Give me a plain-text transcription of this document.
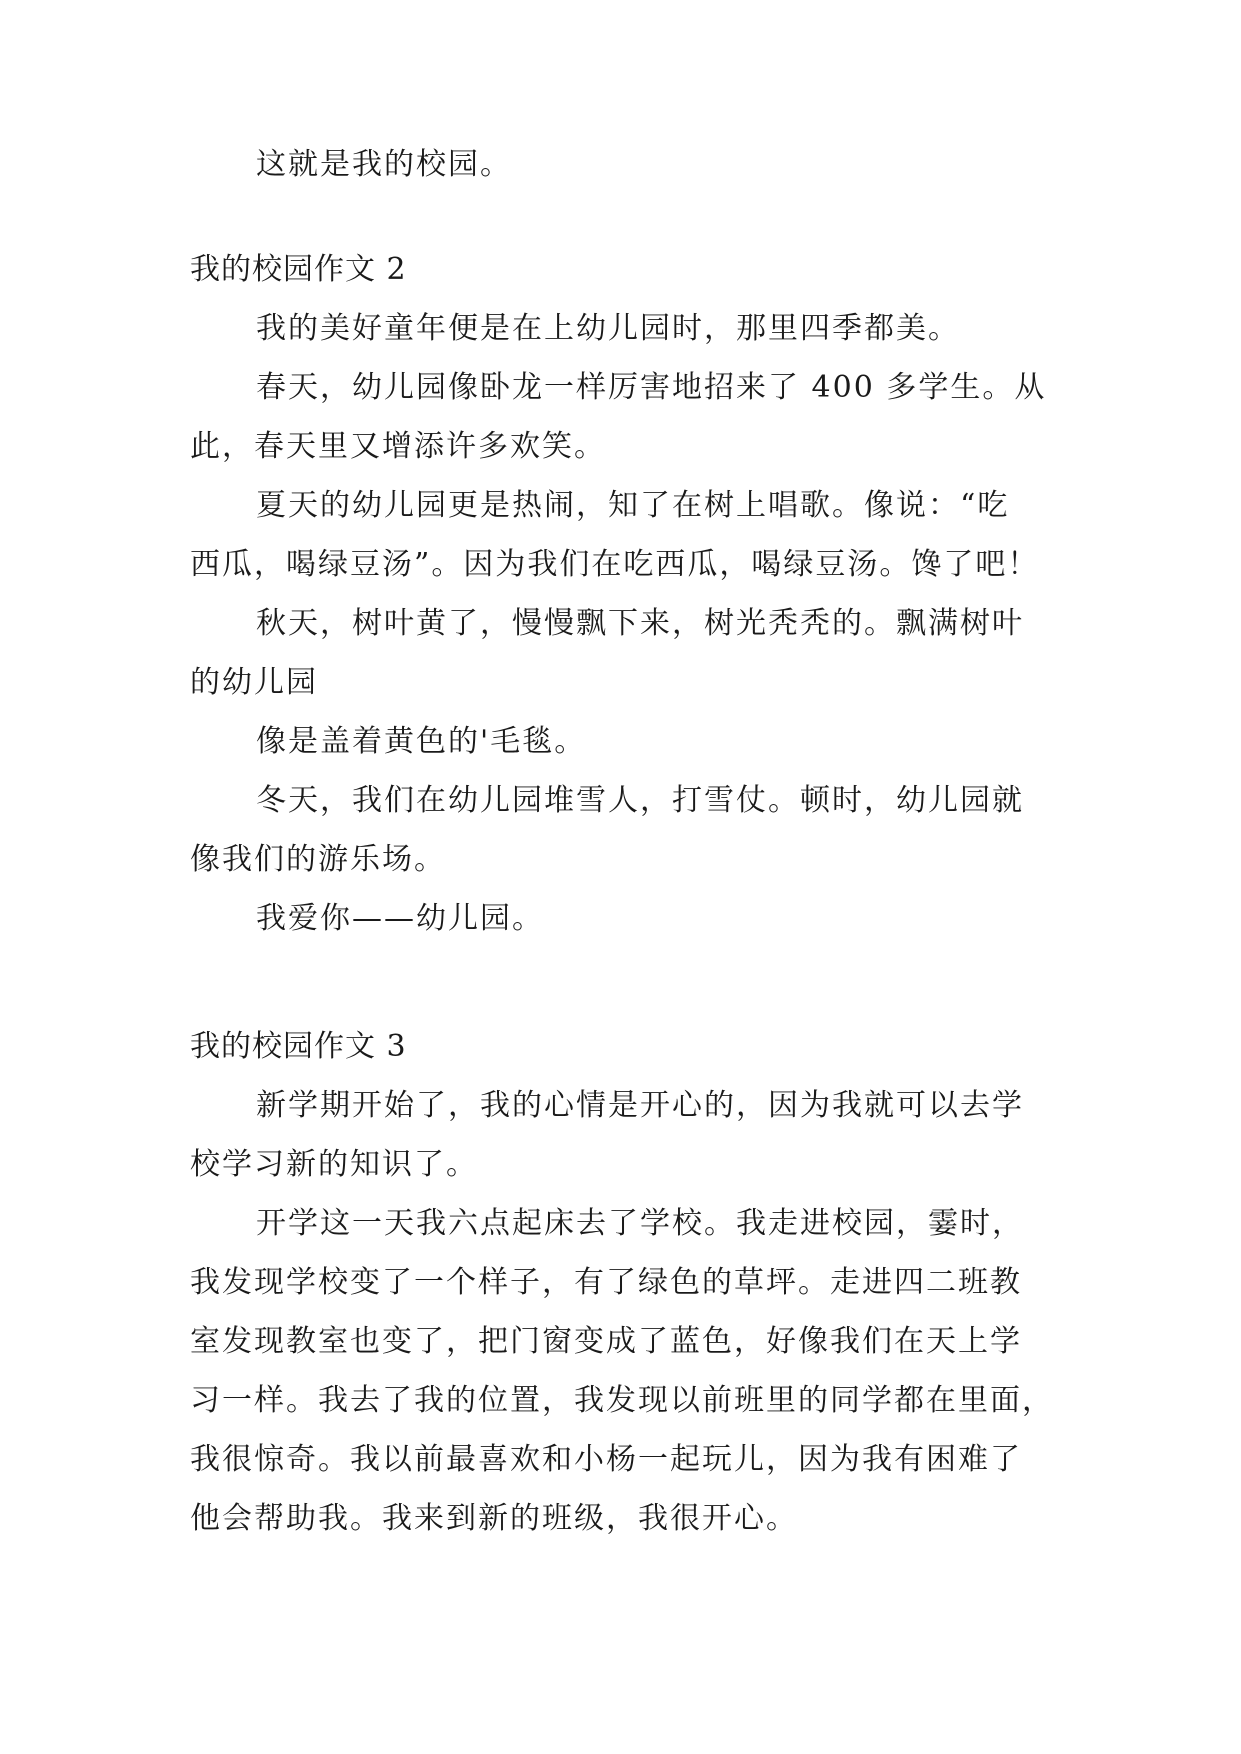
这就是我的校园。
我的校园作文 2
我的美好童年便是在上幼儿园时，那里四季都美。
春天，幼儿园像卧龙一样厉害地招来了 400 多学生。从
此，春天里又增添许多欢笑。
夏天的幼儿园更是热闹，知了在树上唱歌。像说：“吃
西瓜，喝绿豆汤”。因为我们在吃西瓜，喝绿豆汤。馋了吧！
秋天，树叶黄了，慢慢飘下来，树光秃秃的。飘满树叶
的幼儿园
像是盖着黄色的'毛毯。
冬天，我们在幼儿园堆雪人，打雪仗。顿时，幼儿园就
像我们的游乐场。
我爱你——幼儿园。
我的校园作文 3
新学期开始了，我的心情是开心的，因为我就可以去学
校学习新的知识了。
开学这一天我六点起床去了学校。我走进校园，霎时，
我发现学校变了一个样子，有了绿色的草坪。走进四二班教
室发现教室也变了，把门窗变成了蓝色，好像我们在天上学
习一样。我去了我的位置，我发现以前班里的同学都在里面，
我很惊奇。我以前最喜欢和小杨一起玩儿，因为我有困难了
他会帮助我。我来到新的班级，我很开心。
